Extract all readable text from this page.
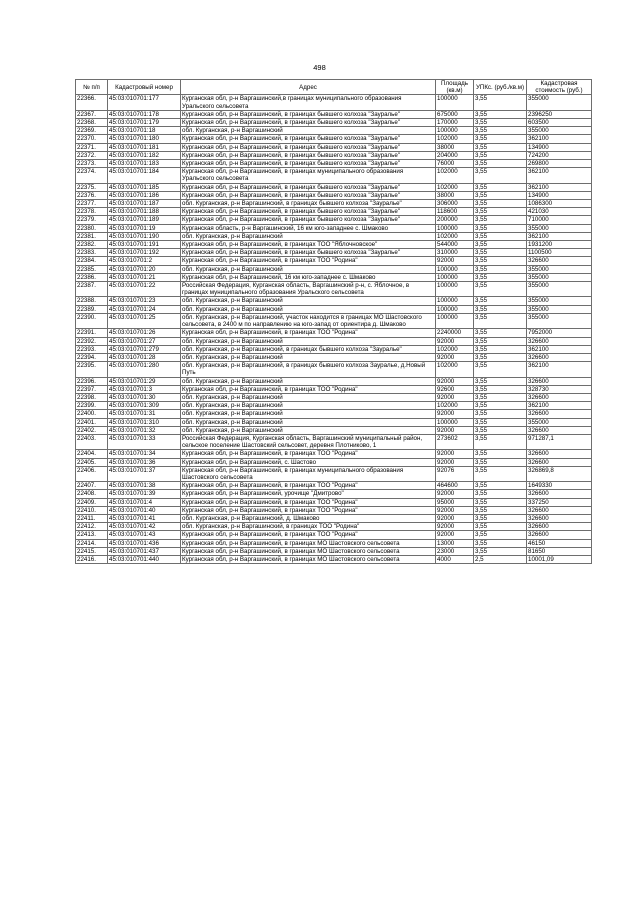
498
№ п/п	Кадастровый номер	Адрес	Площадь (кв.м)	УПКс. (руб./кв.м)	Кадастровая стоимость (руб.)
22366.	45:03:010701:177	Курганская обл, р-н Варгашинский,в границах муниципального образования Уральского сельсовета	100000	3,55	355000
22367.	45:03:010701:178	Курганская обл, р-н Варгашинский, в границах бывшего колхоза "Зауралье"	675000	3,55	2396250
22368.	45:03:010701:179	Курганская обл, р-н Варгашинский, в границах бывшего колхоза "Зауралье"	170000	3,55	603500
22369.	45:03:010701:18	обл. Курганская, р-н Варгашинский	100000	3,55	355000
22370.	45:03:010701:180	Курганская обл, р-н Варгашинский, в границах бывшего колхоза "Зауралье"	102000	3,55	362100
22371.	45:03:010701:181	Курганская обл, р-н Варгашинский, в границах бывшего колхоза "Зауралье"	38000	3,55	134900
22372.	45:03:010701:182	Курганская обл, р-н Варгашинский, в границах бывшего колхоза "Зауралье"	204000	3,55	724200
22373.	45:03:010701:183	Курганская обл, р-н Варгашинский, в границах бывшего колхоза "Зауралье"	76000	3,55	269800
22374.	45:03:010701:184	Курганская обл, р-н Варгашинский, в границах муниципального образования Уральского сельсовета	102000	3,55	362100
22375.	45:03:010701:185	Курганская обл, р-н Варгашинский, в границах бывшего колхоза "Зауралье"	102000	3,55	362100
22376.	45:03:010701:186	Курганская обл, р-н Варгашинский, в границах бывшего колхоза "Зауралье"	38000	3,55	134900
22377.	45:03:010701:187	обл. Курганская, р-н Варгашинский, в границах бывшего колхоза "Зауралье"	306000	3,55	1086300
22378.	45:03:010701:188	Курганская обл, р-н Варгашинский, в границах бывшего колхоза "Зауралье"	118600	3,55	421030
22379.	45:03:010701:189	Курганская обл, р-н Варгашинский, в границах бывшего колхоза "Зауралье"	200000	3,55	710000
22380.	45:03:010701:19	Курганская область, р-н Варгашинский, 16 км юго-западнее с. Шмаково	100000	3,55	355000
22381.	45:03:010701:190	обл. Курганская, р-н Варгашинский	102000	3,55	362100
22382.	45:03:010701:191	Курганская обл, р-н Варгашинский, в границах ТОО "Яблочновское"	544000	3,55	1931200
22383.	45:03:010701:192	Курганская обл, р-н Варгашинский, в границах бывшего колхоза "Зауралье"	310000	3,55	1100500
22384.	45:03:010701:2	Курганская обл, р-н Варгашинский, в границах ТОО "Родина"	92000	3,55	326600
22385.	45:03:010701:20	обл. Курганская, р-н Варгашинский	100000	3,55	355000
22386.	45:03:010701:21	Курганская обл, р-н Варгашинский, 16 км юго-западнее с. Шмаково	100000	3,55	355000
22387.	45:03:010701:22	Российская Федерация, Курганская область, Варгашинский р-н, с. Яблочное, в границах муниципального образования Уральского сельсовета	100000	3,55	355000
22388.	45:03:010701:23	обл. Курганская, р-н Варгашинский	100000	3,55	355000
22389.	45:03:010701:24	обл. Курганская, р-н Варгашинский	100000	3,55	355000
22390.	45:03:010701:25	обл. Курганская, р-н Варгашинский, участок находится в границах МО Шастовского сельсовета, в 2400 м по направлению на юго-запад от ориентира д. Шмаково	100000	3,55	355000
22391.	45:03:010701:26	Курганская обл, р-н Варгашинский, в границах ТОО "Родина"	2240000	3,55	7952000
22392.	45:03:010701:27	обл. Курганская, р-н Варгашинский	92000	3,55	326600
22393.	45:03:010701:279	обл. Курганская, р-н Варгашинский, в границах бывшего колхоза "Зауралье"	102000	3,55	362100
22394.	45:03:010701:28	обл. Курганская, р-н Варгашинский	92000	3,55	326600
22395.	45:03:010701:280	обл. Курганская, р-н Варгашинский, в границах бывшего колхоза Зауралье, д.Новый Путь	102000	3,55	362100
22396.	45:03:010701:29	обл. Курганская, р-н Варгашинский	92000	3,55	326600
22397.	45:03:010701:3	Курганская обл, р-н Варгашинский, в границах ТОО "Родина"	92600	3,55	328730
22398.	45:03:010701:30	обл. Курганская, р-н Варгашинский	92000	3,55	326600
22399.	45:03:010701:309	обл. Курганская, р-н Варгашинский	102000	3,55	362100
22400.	45:03:010701:31	обл. Курганская, р-н Варгашинский	92000	3,55	326600
22401.	45:03:010701:310	обл. Курганская, р-н Варгашинский	100000	3,55	355000
22402.	45:03:010701:32	обл. Курганская, р-н Варгашинский	92000	3,55	326600
22403.	45:03:010701:33	Российская Федерация, Курганская область, Варгашинский муниципальный район, сельское поселение Шастовский сельсовет, деревня Плотниково, 1	273602	3,55	971287,1
22404.	45:03:010701:34	Курганская обл, р-н Варгашинский, в границах ТОО "Родина"	92000	3,55	326600
22405.	45:03:010701:36	Курганская обл, р-н Варгашинский, с. Шастово	92000	3,55	326600
22406.	45:03:010701:37	Курганская обл, р-н Варгашинский, в границах муниципального образования Шастовского сельсовета	92076	3,55	326869,8
22407.	45:03:010701:38	Курганская обл, р-н Варгашинский, в границах ТОО "Родина"	464600	3,55	1649330
22408.	45:03:010701:39	Курганская обл, р-н Варгашинский, урочище "Дмитрово"	92000	3,55	326600
22409.	45:03:010701:4	Курганская обл, р-н Варгашинский, в границах ТОО "Родина"	95000	3,55	337250
22410.	45:03:010701:40	Курганская обл, р-н Варгашинский, в границах ТОО "Родина"	92000	3,55	326600
22411.	45:03:010701:41	обл. Курганская, р-н Варгашинский, д. Шмаково	92000	3,55	326600
22412.	45:03:010701:42	обл. Курганская, р-н Варгашинский, в границах ТОО "Родина"	92000	3,55	326600
22413.	45:03:010701:43	Курганская обл, р-н Варгашинский, в границах ТОО "Родина"	92000	3,55	326600
22414.	45:03:010701:436	Курганская обл, р-н Варгашинский, в границах МО Шастовского сельсовета	13000	3,55	46150
22415.	45:03:010701:437	Курганская обл, р-н Варгашинский, в границах МО Шастовского сельсовета	23000	3,55	81650
22416.	45:03:010701:440	Курганская обл, р-н Варгашинский, в границах МО Шастовского сельсовета	4000	2,5	10001,09
